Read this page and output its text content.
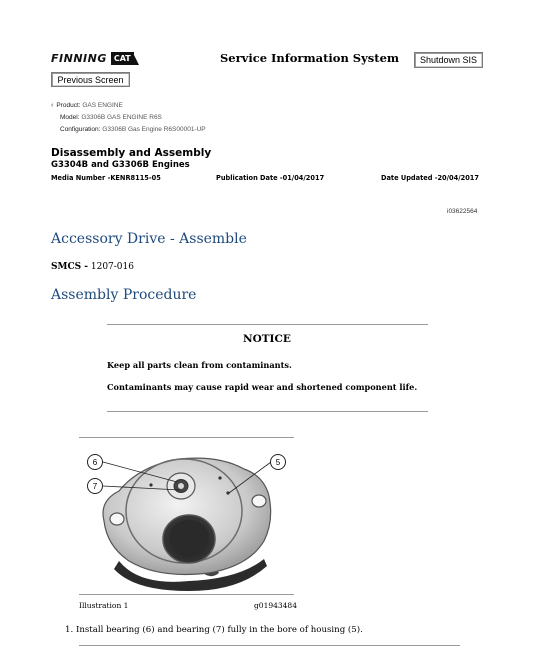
FINNING CAT	Service Information System	Shutdown SIS
Previous Screen
‹ Product: GAS ENGINE
Model: G3306B GAS ENGINE R6S
Configuration: G3306B Gas Engine R6S00001-UP
Disassembly and Assembly
G3304B and G3306B Engines
Media Number -KENR8115-05	Publication Date -01/04/2017	Date Updated -20/04/2017
i03622564
Accessory Drive - Assemble
SMCS - 1207-016
Assembly Procedure
NOTICE
Keep all parts clean from contaminants.
Contaminants may cause rapid wear and shortened component life.
6
7
5
Illustration 1	g01943484
1. Install bearing (6) and bearing (7) fully in the bore of housing (5).
